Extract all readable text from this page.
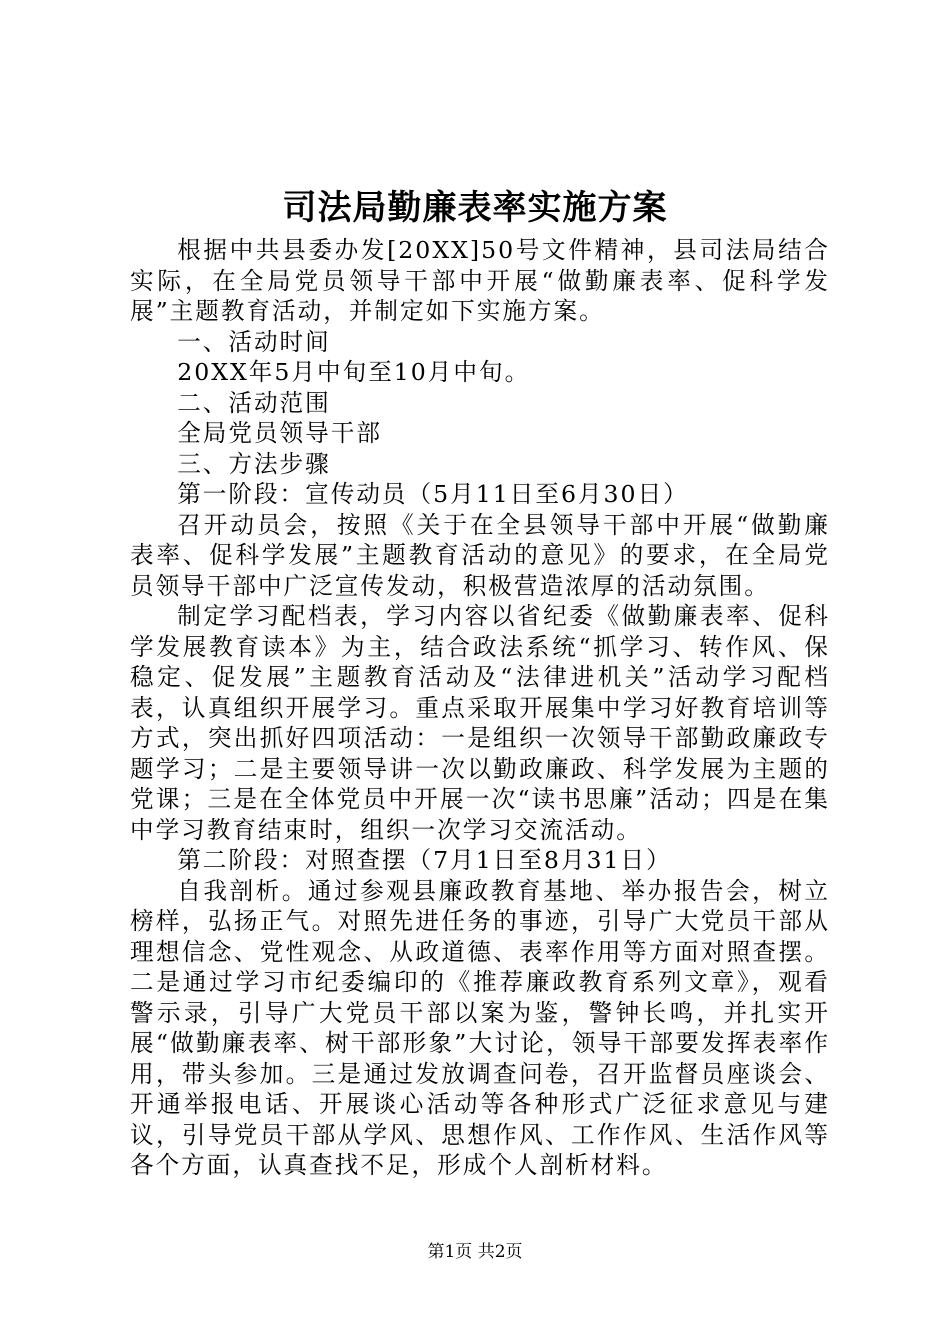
司法局勤廉表率实施方案

根据中共县委办发[20XX]50号文件精神，县司法局结合实际，在全局党员领导干部中开展“做勤廉表率、促科学发展”主题教育活动，并制定如下实施方案。

一、活动时间

20XX年5月中旬至10月中旬。

二、活动范围

全局党员领导干部

三、方法步骤

第一阶段：宣传动员（5月11日至6月30日）

召开动员会，按照《关于在全县领导干部中开展“做勤廉表率、促科学发展”主题教育活动的意见》的要求，在全局党员领导干部中广泛宣传发动，积极营造浓厚的活动氛围。

制定学习配档表，学习内容以省纪委《做勤廉表率、促科学发展教育读本》为主，结合政法系统“抓学习、转作风、保稳定、促发展”主题教育活动及“法律进机关”活动学习配档表，认真组织开展学习。重点采取开展集中学习好教育培训等方式，突出抓好四项活动：一是组织一次领导干部勤政廉政专题学习；二是主要领导讲一次以勤政廉政、科学发展为主题的党课；三是在全体党员中开展一次“读书思廉”活动；四是在集中学习教育结束时，组织一次学习交流活动。

第二阶段：对照查摆（7月1日至8月31日）

自我剖析。通过参观县廉政教育基地、举办报告会，树立榜样，弘扬正气。对照先进任务的事迹，引导广大党员干部从理想信念、党性观念、从政道德、表率作用等方面对照查摆。二是通过学习市纪委编印的《推荐廉政教育系列文章》，观看警示录，引导广大党员干部以案为鉴，警钟长鸣，并扎实开展“做勤廉表率、树干部形象”大讨论，领导干部要发挥表率作用，带头参加。三是通过发放调查问卷，召开监督员座谈会、开通举报电话、开展谈心活动等各种形式广泛征求意见与建议，引导党员干部从学风、思想作风、工作作风、生活作风等各个方面，认真查找不足，形成个人剖析材料。

第1页 共2页
